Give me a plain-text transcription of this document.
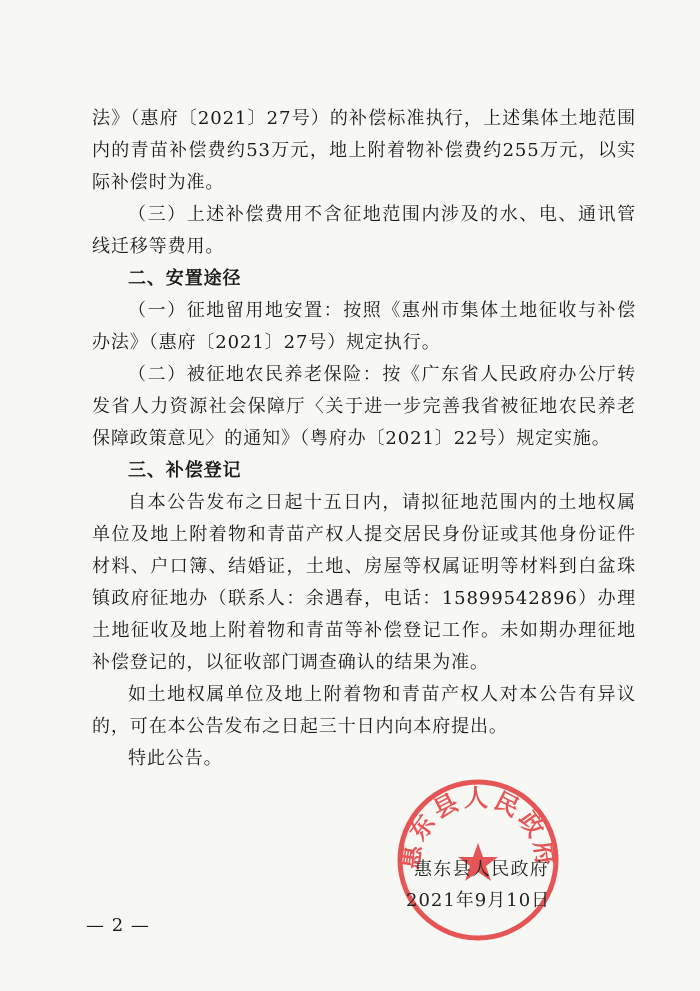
法》（惠府〔2021〕27号）的补偿标准执行，上述集体土地范围内的青苗补偿费约53万元，地上附着物补偿费约255万元，以实际补偿时为准。

（三）上述补偿费用不含征地范围内涉及的水、电、通讯管线迁移等费用。

二、安置途径

（一）征地留用地安置：按照《惠州市集体土地征收与补偿办法》（惠府〔2021〕27号）规定执行。

（二）被征地农民养老保险：按《广东省人民政府办公厅转发省人力资源社会保障厅〈关于进一步完善我省被征地农民养老保障政策意见〉的通知》（粤府办〔2021〕22号）规定实施。

三、补偿登记

自本公告发布之日起十五日内，请拟征地范围内的土地权属单位及地上附着物和青苗产权人提交居民身份证或其他身份证件材料、户口簿、结婚证，土地、房屋等权属证明等材料到白盆珠镇政府征地办（联系人：余遇春，电话：15899542896）办理土地征收及地上附着物和青苗等补偿登记工作。未如期办理征地补偿登记的，以征收部门调查确认的结果为准。

如土地权属单位及地上附着物和青苗产权人对本公告有异议的，可在本公告发布之日起三十日内向本府提出。

特此公告。

惠东县人民政府
惠东县人民政府
2021年9月10日
— 2 —
